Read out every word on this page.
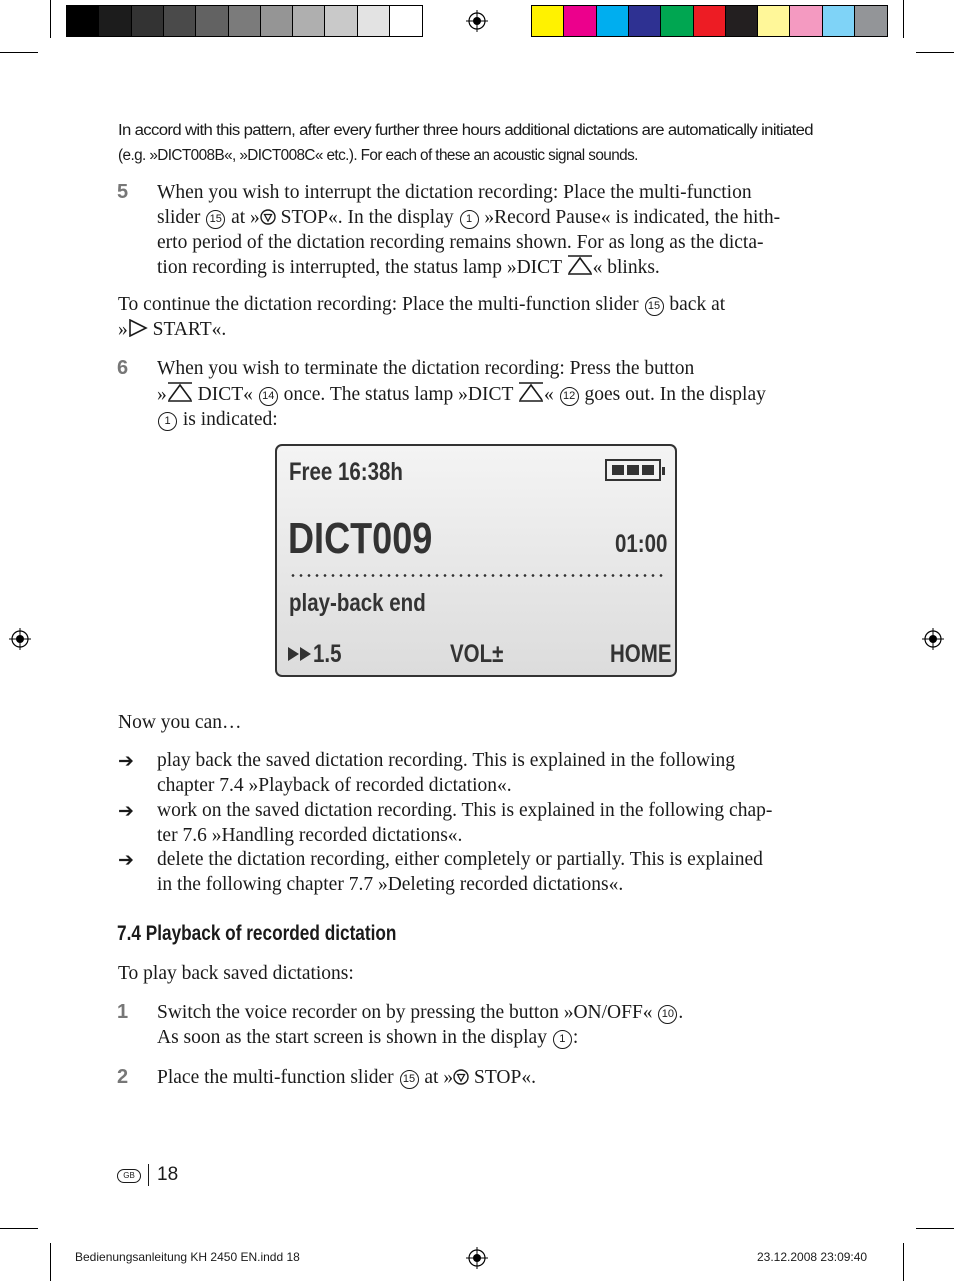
In accord with this pattern, after every further three hours additional dictations are automatically initiated
(e.g. »DICT008B«, »DICT008C« etc.). For each of these an acoustic signal sounds.
5 When you wish to interrupt the dictation recording: Place the multi-function
slider 15 at » STOP«. In the display 1 »Record Pause« is indicated, the hith-
erto period of the dictation recording remains shown. For as long as the dicta-
tion recording is interrupted, the status lamp »DICT « blinks.
To continue the dictation recording: Place the multi-function slider 15 back at
» START«.
6 When you wish to terminate the dictation recording: Press the button
» DICT« 14 once. The status lamp »DICT « 12 goes out. In the display
1 is indicated:
Free 16:38h
DICT009	01:00
play-back end
1.5	VOL±	HOME
Now you can…
➔ play back the saved dictation recording. This is explained in the following
chapter 7.4 »Playback of recorded dictation«.
➔ work on the saved dictation recording. This is explained in the following chap-
ter 7.6 »Handling recorded dictations«.
➔ delete the dictation recording, either completely or partially. This is explained
in the following chapter 7.7 »Deleting recorded dictations«.
7.4 Playback of recorded dictation
To play back saved dictations:
1 Switch the voice recorder on by pressing the button »ON/OFF« 10 .
As soon as the start screen is shown in the display 1 :
2 Place the multi-function slider 15 at » STOP«.
GB	18
Bedienungsanleitung KH 2450 EN.indd 18	23.12.2008 23:09:40
